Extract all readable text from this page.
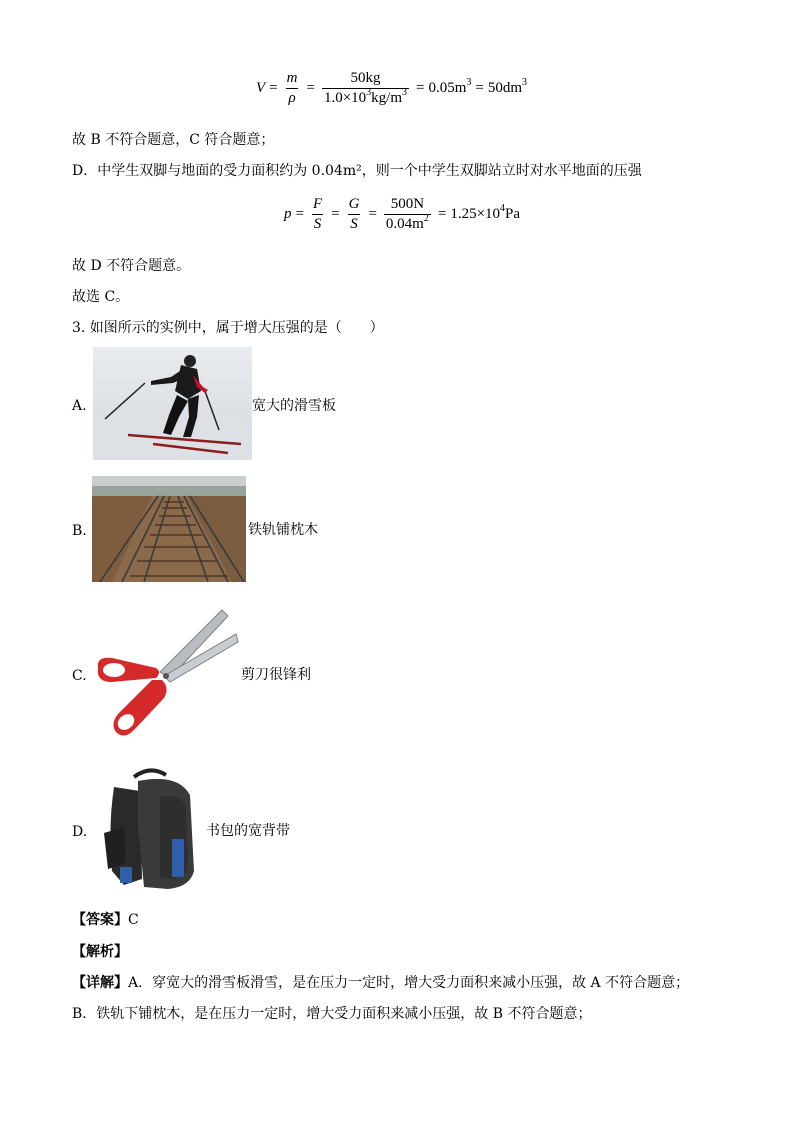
$V = \frac{m}{\rho} = \frac{50kg}{1.0\times 10^3kg/m^3} = 0.05m^3 = 50dm^3$
故 B 不符合题意，C 符合题意；
D．中学生双脚与地面的受力面积约为 0.04m²，则一个中学生双脚站立时对水平地面的压强
$p = \frac{F}{S} = \frac{G}{S} = \frac{500N}{0.04m^2} = 1.25\times 10^4Pa$
故 D 不符合题意。
故选 C。
3. 如图所示的实例中，属于增大压强的是（　　）
A.	宽大的滑雪板
B.	铁轨铺枕木
C.	剪刀很锋利
D.	书包的宽背带
【答案】C
【解析】
【详解】A．穿宽大的滑雪板滑雪，是在压力一定时，增大受力面积来减小压强，故 A 不符合题意；
B．铁轨下铺枕木，是在压力一定时，增大受力面积来减小压强，故 B 不符合题意；
